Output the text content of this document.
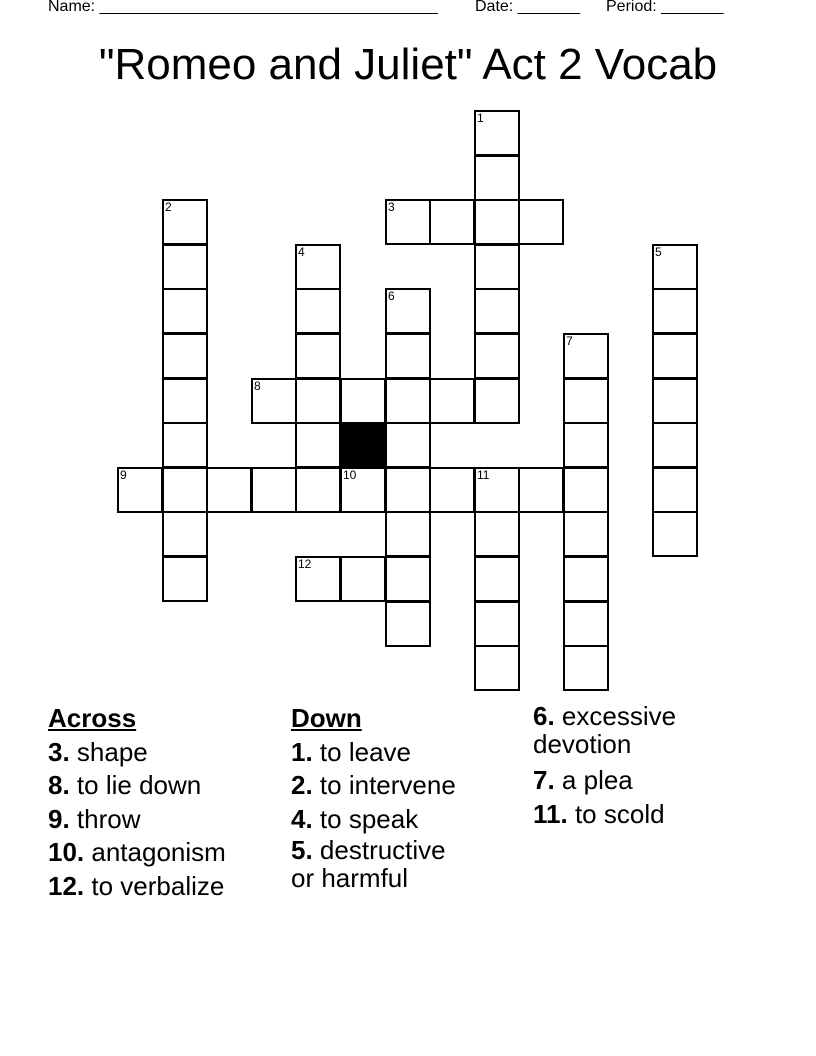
Name: ______________________________________ Date: _______ Period: _______
"Romeo and Juliet" Act 2 Vocab
1
2	3
4	5
6
7
8
9	10	11
12
Across
3. shape
8. to lie down
9. throw
10. antagonism
12. to verbalize
Down
1. to leave
2. to intervene
4. to speak
5. destructive or harmful
6. excessive devotion
7. a plea
11. to scold
